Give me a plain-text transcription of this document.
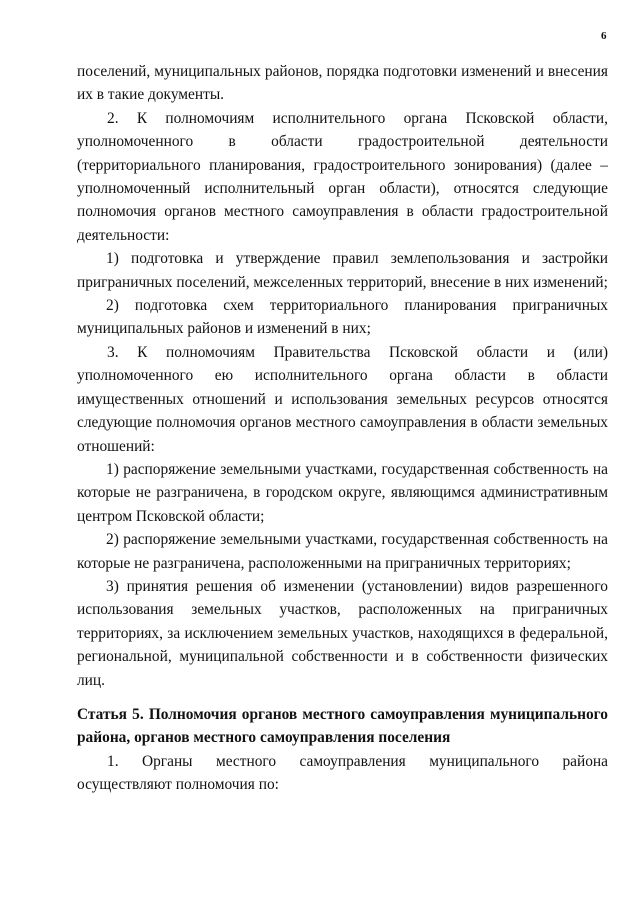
6

поселений, муниципальных районов, порядка подготовки изменений и внесения их в такие документы.

2. К полномочиям исполнительного органа Псковской области, уполномоченного в области градостроительной деятельности (территориального планирования, градостроительного зонирования) (далее – уполномоченный исполнительный орган области), относятся следующие полномочия органов местного самоуправления в области градостроительной деятельности:

1) подготовка и утверждение правил землепользования и застройки приграничных поселений, межселенных территорий, внесение в них изменений;

2) подготовка схем территориального планирования приграничных муниципальных районов и изменений в них;

3. К полномочиям Правительства Псковской области и (или) уполномоченного ею исполнительного органа области в области имущественных отношений и использования земельных ресурсов относятся следующие полномочия органов местного самоуправления в области земельных отношений:

1) распоряжение земельными участками, государственная собственность на которые не разграничена, в городском округе, являющимся административным центром Псковской области;

2) распоряжение земельными участками, государственная собственность на которые не разграничена, расположенными на приграничных территориях;

3) принятия решения об изменении (установлении) видов разрешенного использования земельных участков, расположенных на приграничных территориях, за исключением земельных участков, находящихся в федеральной, региональной, муниципальной собственности и в собственности физических лиц.

Статья 5. Полномочия органов местного самоуправления муниципального района, органов местного самоуправления поселения

1. Органы местного самоуправления муниципального района осуществляют полномочия по:
